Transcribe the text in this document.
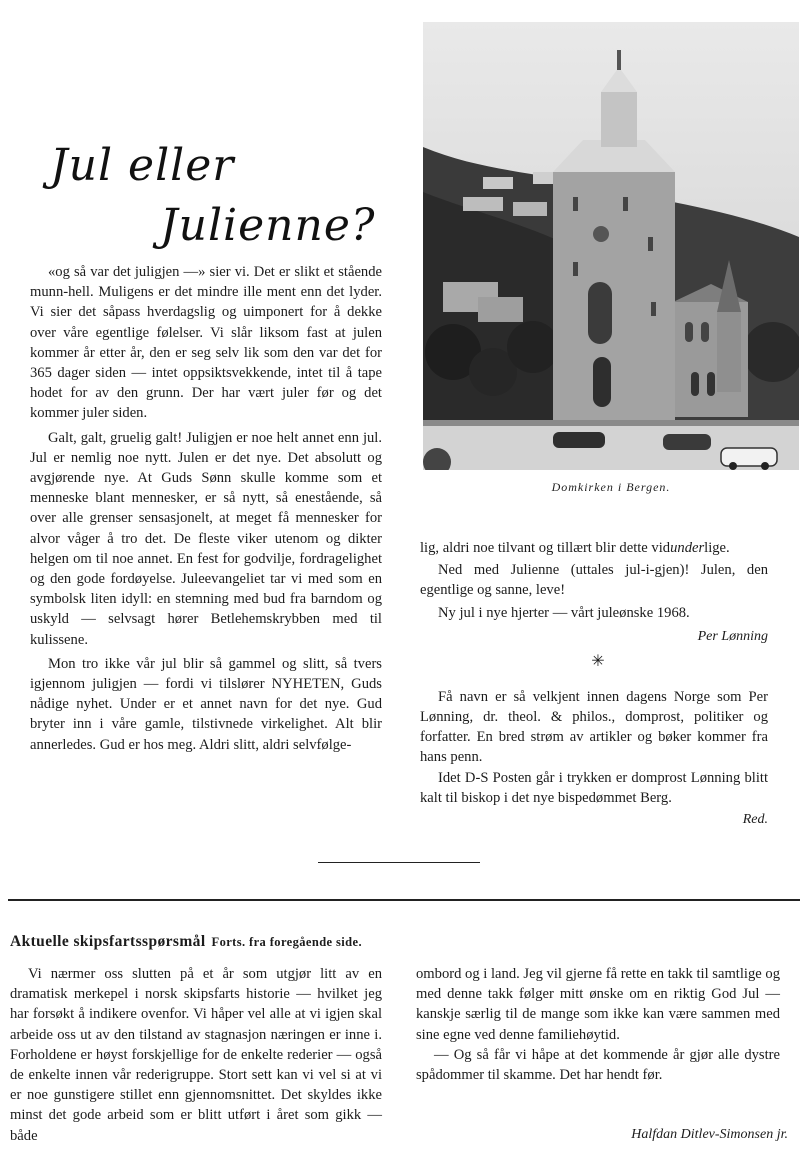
Jul eller
Julienne?

«og så var det juligjen —» sier vi. Det er slikt et stående munn-hell. Muligens er det mindre ille ment enn det lyder. Vi sier det såpass hverdagslig og uimponert for å dekke over våre egentlige følelser. Vi slår liksom fast at julen kommer år etter år, den er seg selv lik som den var det for 365 dager siden — intet oppsiktsvekkende, intet til å tape hodet for av den grunn. Der har vært juler før og det kommer juler siden.

Galt, galt, gruelig galt! Juligjen er noe helt annet enn jul. Jul er nemlig noe nytt. Julen er det nye. Det absolutt og avgjørende nye. At Guds Sønn skulle komme som et menneske blant mennesker, er så nytt, så enestående, så over alle grenser sensasjonelt, at meget få mennesker for alvor våger å tro det. De fleste viker utenom og dikter helgen om til noe annet. En fest for godvilje, fordragelighet og den gode fordøyelse. Juleevangeliet tar vi med som en symbolsk liten idyll: en stemning med bud fra barndom og uskyld — selvsagt hører Betlehemskrybben med til kulissene.

Mon tro ikke vår jul blir så gammel og slitt, så tvers igjennom juligjen — fordi vi tilslører NYHETEN, Guds nådige nyhet. Under er et annet navn for det nye. Gud bryter inn i våre gamle, tilstivnede virkelighet. Alt blir annerledes. Gud er hos meg. Aldri slitt, aldri selvfølge-

Domkirken i Bergen.

lig, aldri noe tilvant og tillært blir dette vidunderlige.

Ned med Julienne (uttales jul-i-gjen)! Julen, den egentlige og sanne, leve!

Ny jul i nye hjerter — vårt juleønske 1968.

Per Lønning
✳

Få navn er så velkjent innen dagens Norge som Per Lønning, dr. theol. & philos., domprost, politiker og forfatter. En bred strøm av artikler og bøker kommer fra hans penn.

Idet D-S Posten går i trykken er domprost Lønning blitt kalt til biskop i det nye bispedømmet Berg.

Red.
Aktuelle skipsfartsspørsmål Forts. fra foregående side.

Vi nærmer oss slutten på et år som utgjør litt av en dramatisk merkepel i norsk skipsfarts historie — hvilket jeg har forsøkt å indikere ovenfor. Vi håper vel alle at vi igjen skal arbeide oss ut av den tilstand av stagnasjon næringen er inne i. Forholdene er høyst forskjellige for de enkelte rederier — også de enkelte innen vår rederigruppe. Stort sett kan vi vel si at vi er noe gunstigere stillet enn gjennomsnittet. Det skyldes ikke minst det gode arbeid som er blitt utført i året som gikk — både

ombord og i land. Jeg vil gjerne få rette en takk til samtlige og med denne takk følger mitt ønske om en riktig God Jul — kanskje særlig til de mange som ikke kan være sammen med sine egne ved denne familiehøytid.

— Og så får vi håpe at det kommende år gjør alle dystre spådommer til skamme. Det har hendt før.

Halfdan Ditlev-Simonsen jr.
